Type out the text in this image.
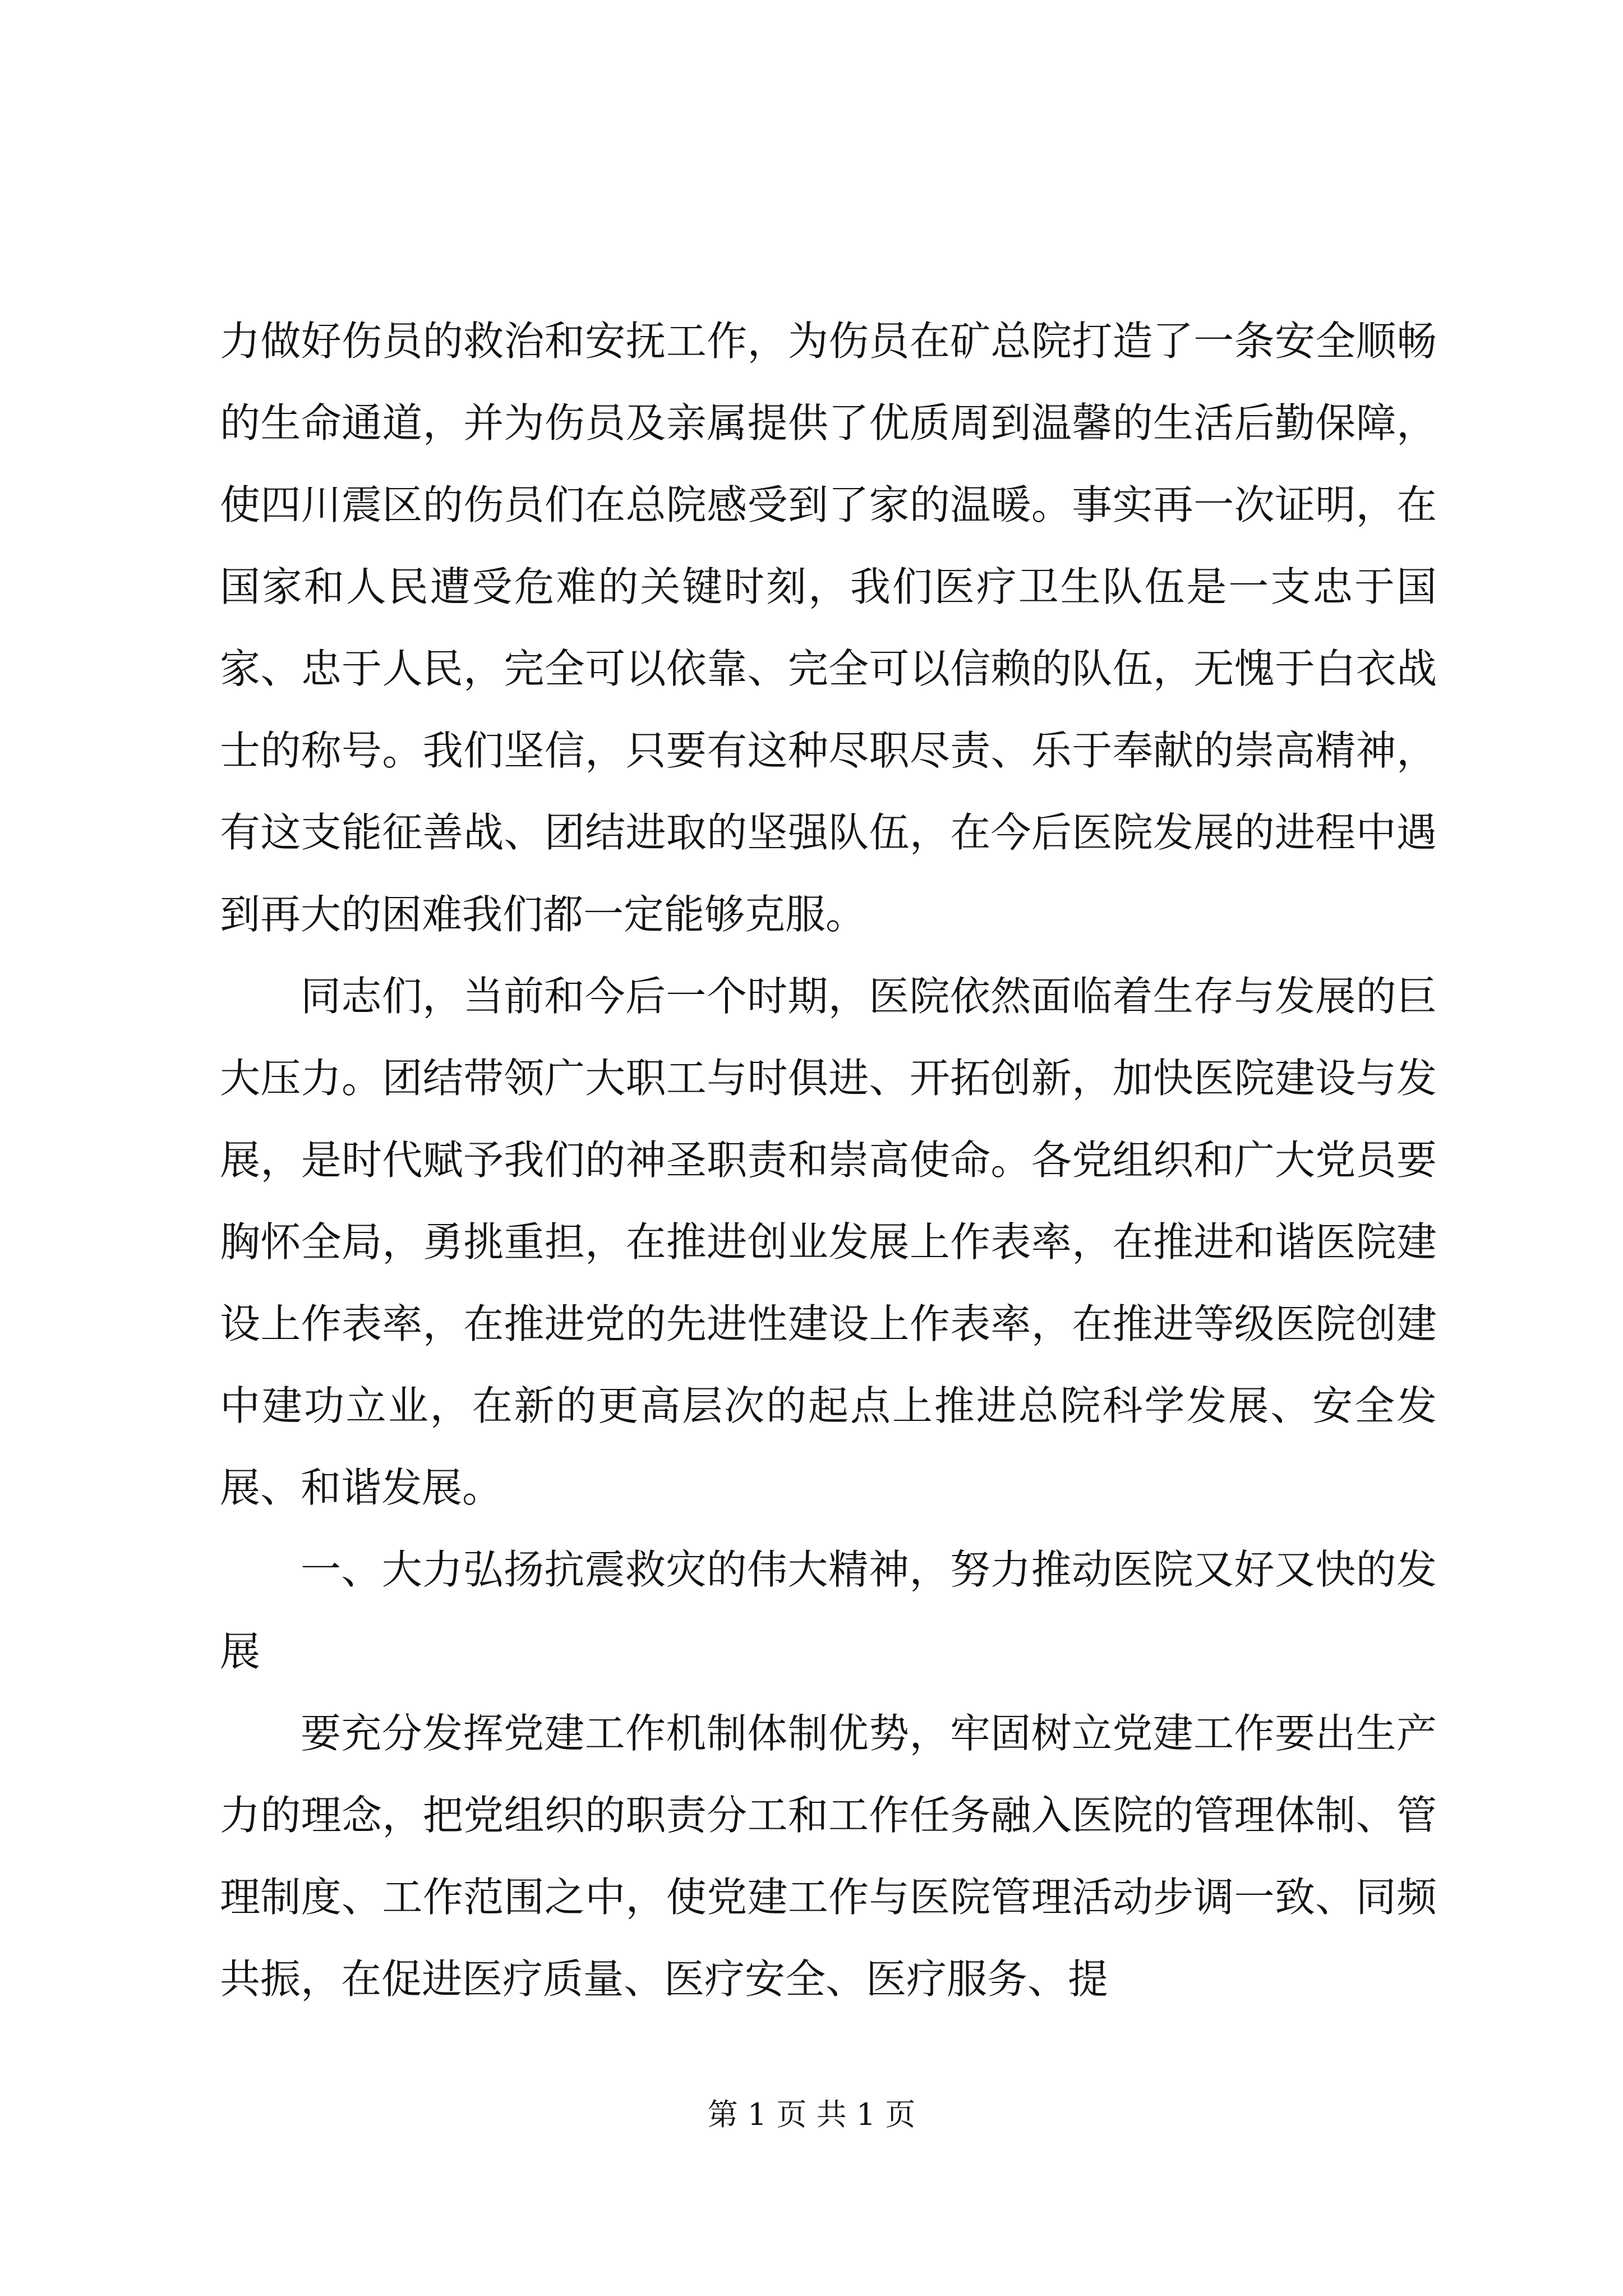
力做好伤员的救治和安抚工作，为伤员在矿总院打造了一条安全顺畅的生命通道，并为伤员及亲属提供了优质周到温馨的生活后勤保障，使四川震区的伤员们在总院感受到了家的温暖。事实再一次证明，在国家和人民遭受危难的关键时刻，我们医疗卫生队伍是一支忠于国家、忠于人民，完全可以依靠、完全可以信赖的队伍，无愧于白衣战士的称号。我们坚信，只要有这种尽职尽责、乐于奉献的崇高精神，有这支能征善战、团结进取的坚强队伍，在今后医院发展的进程中遇到再大的困难我们都一定能够克服。

同志们，当前和今后一个时期，医院依然面临着生存与发展的巨大压力。团结带领广大职工与时俱进、开拓创新，加快医院建设与发展，是时代赋予我们的神圣职责和崇高使命。各党组织和广大党员要胸怀全局，勇挑重担，在推进创业发展上作表率，在推进和谐医院建设上作表率，在推进党的先进性建设上作表率，在推进等级医院创建中建功立业，在新的更高层次的起点上推进总院科学发展、安全发展、和谐发展。

一、大力弘扬抗震救灾的伟大精神，努力推动医院又好又快的发展

要充分发挥党建工作机制体制优势，牢固树立党建工作要出生产力的理念，把党组织的职责分工和工作任务融入医院的管理体制、管理制度、工作范围之中，使党建工作与医院管理活动步调一致、同频共振，在促进医疗质量、医疗安全、医疗服务、提

第 1 页 共 1 页
